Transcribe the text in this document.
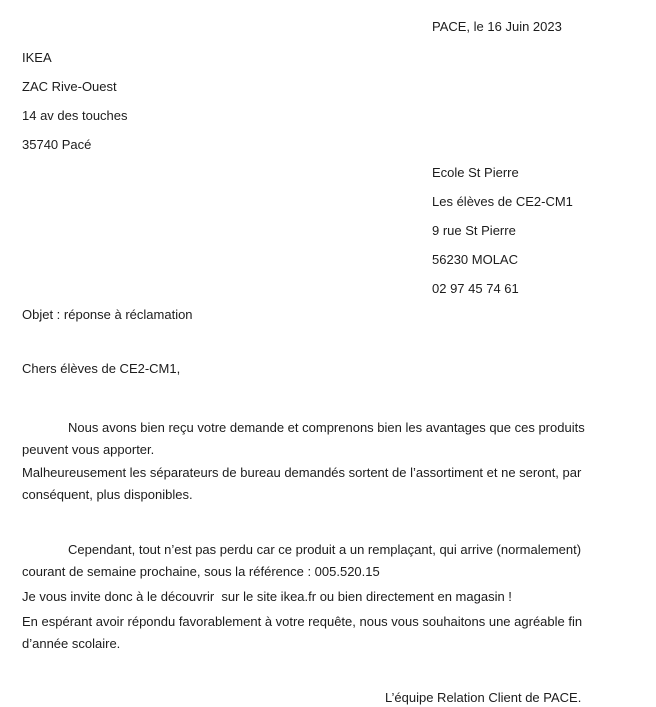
PACE, le 16 Juin 2023
IKEA
ZAC Rive-Ouest
14 av des touches
35740 Pacé
Ecole St Pierre
Les élèves de CE2-CM1
9 rue St Pierre
56230 MOLAC
02 97 45 74 61
Objet : réponse à réclamation
Chers élèves de CE2-CM1,
Nous avons bien reçu votre demande et comprenons bien les avantages que ces produits
peuvent vous apporter.
Malheureusement les séparateurs de bureau demandés sortent de l’assortiment et ne seront, par
conséquent, plus disponibles.
Cependant, tout n’est pas perdu car ce produit a un remplaçant, qui arrive (normalement)
courant de semaine prochaine, sous la référence : 005.520.15
Je vous invite donc à le découvrir  sur le site ikea.fr ou bien directement en magasin !
En espérant avoir répondu favorablement à votre requête, nous vous souhaitons une agréable fin
d’année scolaire.
L’équipe Relation Client de PACE.
